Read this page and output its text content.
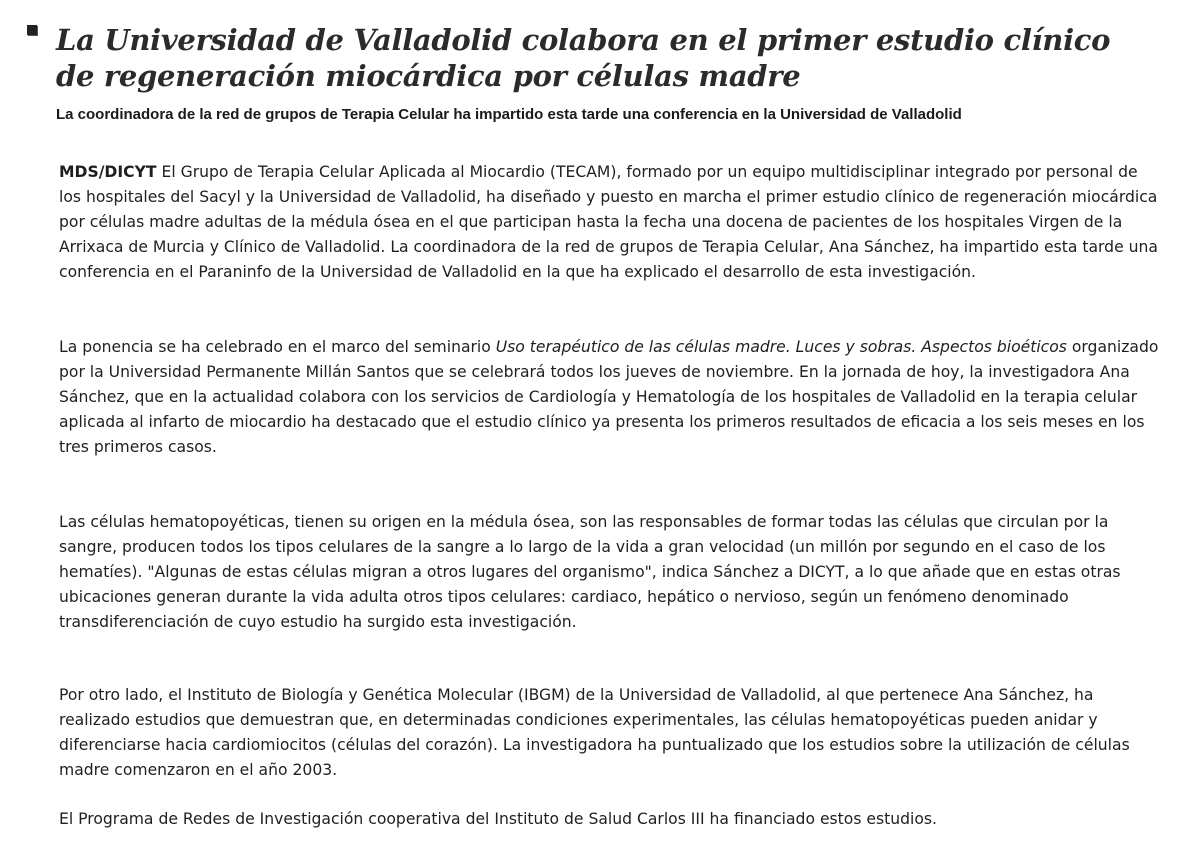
La Universidad de Valladolid colabora en el primer estudio clínico de regeneración miocárdica por células madre
La coordinadora de la red de grupos de Terapia Celular ha impartido esta tarde una conferencia en la Universidad de Valladolid

MDS/DICYT El Grupo de Terapia Celular Aplicada al Miocardio (TECAM), formado por un equipo multidisciplinar integrado por personal de los hospitales del Sacyl y la Universidad de Valladolid, ha diseñado y puesto en marcha el primer estudio clínico de regeneración miocárdica por células madre adultas de la médula ósea en el que participan hasta la fecha una docena de pacientes de los hospitales Virgen de la Arrixaca de Murcia y Clínico de Valladolid. La coordinadora de la red de grupos de Terapia Celular, Ana Sánchez, ha impartido esta tarde una conferencia en el Paraninfo de la Universidad de Valladolid en la que ha explicado el desarrollo de esta investigación.

La ponencia se ha celebrado en el marco del seminario Uso terapéutico de las células madre. Luces y sobras. Aspectos bioéticos organizado por la Universidad Permanente Millán Santos que se celebrará todos los jueves de noviembre. En la jornada de hoy, la investigadora Ana Sánchez, que en la actualidad colabora con los servicios de Cardiología y Hematología de los hospitales de Valladolid en la terapia celular aplicada al infarto de miocardio ha destacado que el estudio clínico ya presenta los primeros resultados de eficacia a los seis meses en los tres primeros casos.

Las células hematopoyéticas, tienen su origen en la médula ósea, son las responsables de formar todas las células que circulan por la sangre, producen todos los tipos celulares de la sangre a lo largo de la vida a gran velocidad (un millón por segundo en el caso de los hematíes). "Algunas de estas células migran a otros lugares del organismo", indica Sánchez a DICYT, a lo que añade que en estas otras ubicaciones generan durante la vida adulta otros tipos celulares: cardiaco, hepático o nervioso, según un fenómeno denominado transdiferenciación de cuyo estudio ha surgido esta investigación.

Por otro lado, el Instituto de Biología y Genética Molecular (IBGM) de la Universidad de Valladolid, al que pertenece Ana Sánchez, ha realizado estudios que demuestran que, en determinadas condiciones experimentales, las células hematopoyéticas pueden anidar y diferenciarse hacia cardiomiocitos (células del corazón). La investigadora ha puntualizado que los estudios sobre la utilización de células madre comenzaron en el año 2003.

El Programa de Redes de Investigación cooperativa del Instituto de Salud Carlos III ha financiado estos estudios.
